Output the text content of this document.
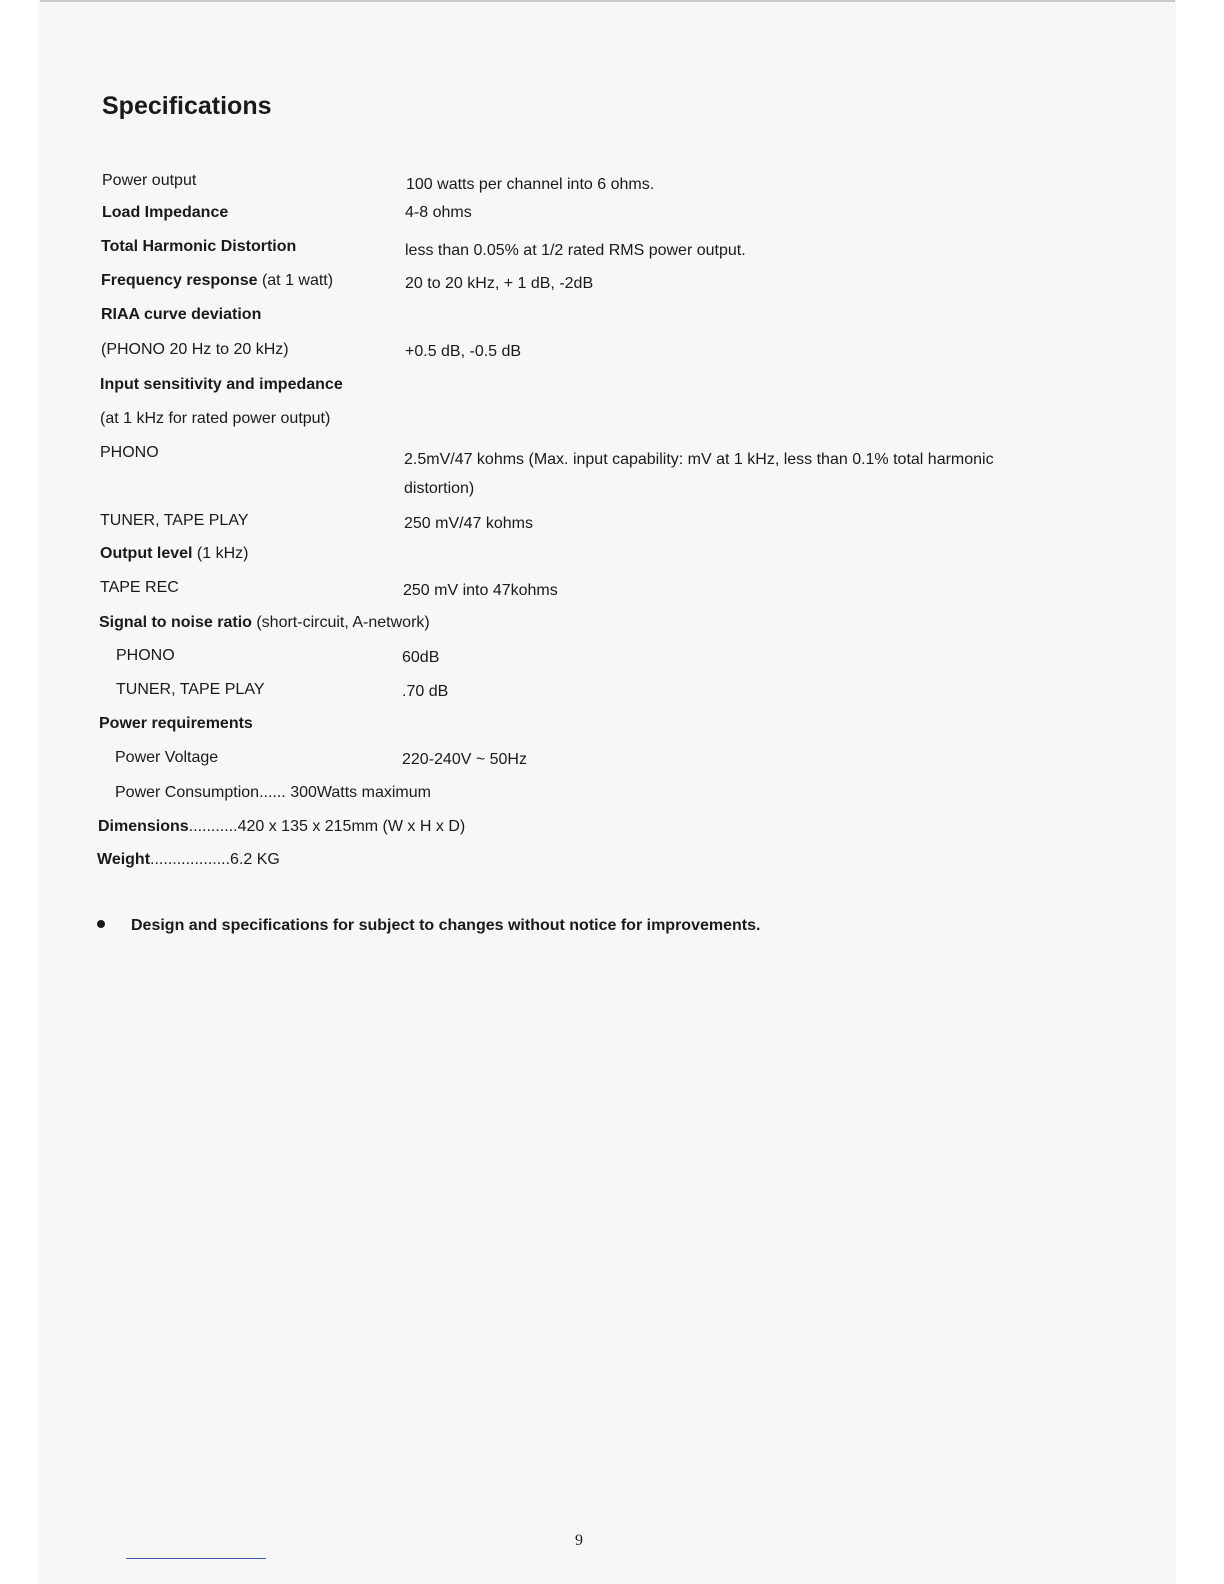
Specifications
Power output	100 watts per channel into 6 ohms.
Load Impedance	4-8 ohms
Total Harmonic Distortion	less than 0.05% at 1/2 rated RMS power output.
Frequency response (at 1 watt)	20 to 20 kHz, + 1 dB, -2dB
RIAA curve deviation
(PHONO 20 Hz to 20 kHz)	+0.5 dB, -0.5 dB
Input sensitivity and impedance
(at 1 kHz for rated power output)
PHONO	2.5mV/47 kohms (Max. input capability: mV at 1 kHz, less than 0.1% total harmonic
distortion)
TUNER, TAPE PLAY	250 mV/47 kohms
Output level (1 kHz)
TAPE REC	250 mV into 47kohms
Signal to noise ratio (short-circuit, A-network)
PHONO	60dB
TUNER, TAPE PLAY	.70 dB
Power requirements
Power Voltage	220-240V ~ 50Hz
Power Consumption...... 300Watts maximum
Dimensions...........420 x 135 x 215mm (W x H x D)
Weight..................6.2 KG
Design and specifications for subject to changes without notice for improvements.
9
